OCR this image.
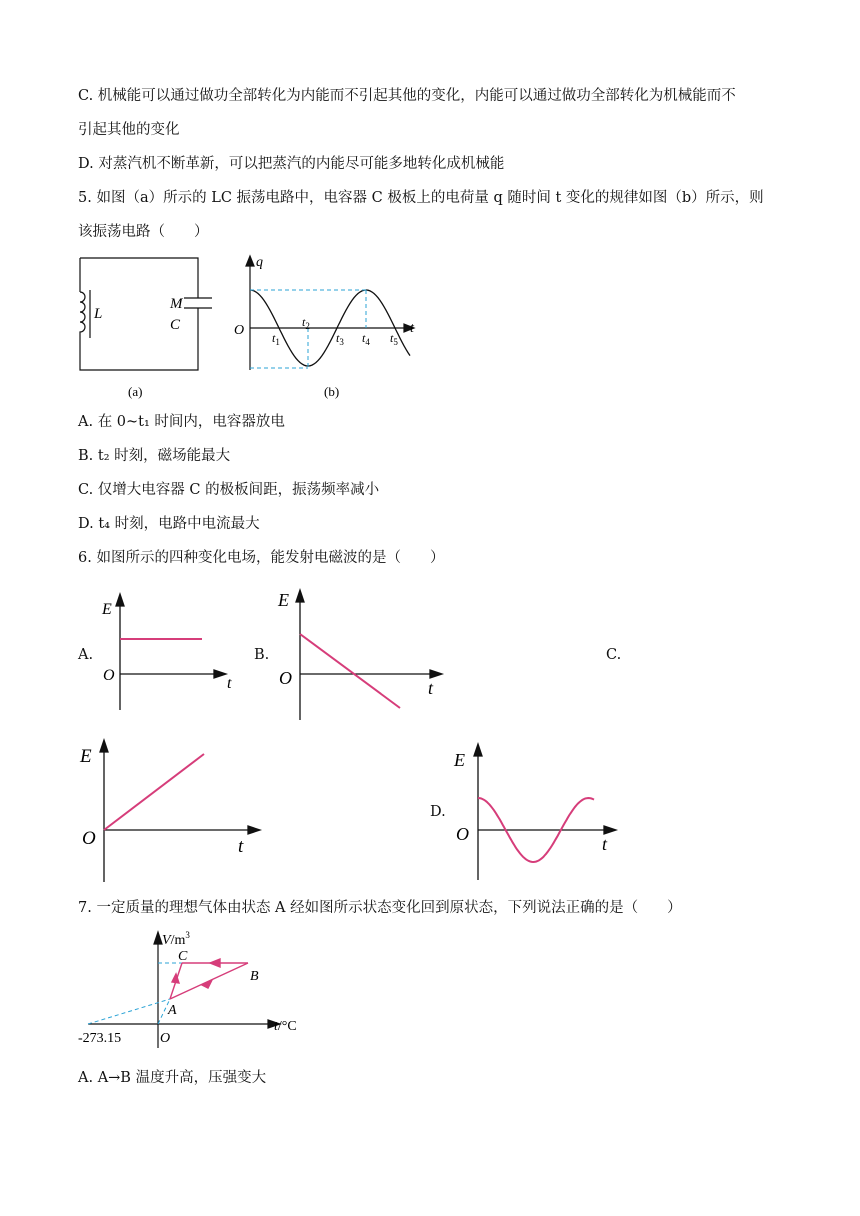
C. 机械能可以通过做功全部转化为内能而不引起其他的变化，内能可以通过做功全部转化为机械能而不
引起其他的变化
D. 对蒸汽机不断革新，可以把蒸汽的内能尽可能多地转化成机械能
5. 如图（a）所示的 LC 振荡电路中，电容器 C 极板上的电荷量 q 随时间 t 变化的规律如图（b）所示，则
该振荡电路（　　）
L
M
C
(a)
q
t
O $t_1$
$t_2$
$t_3$ $t_4$ $t_5$
(b)
A. 在 0~t₁ 时间内，电容器放电
B. t₂ 时刻，磁场能最大
C. 仅增大电容器 C 的极板间距，振荡频率减小
D. t₄ 时刻，电路中电流最大
6. 如图所示的四种变化电场，能发射电磁波的是（　　）
A.	B.	C.
D.
E
O	t
E
O	t
E
O	t
E
O	t
7. 一定质量的理想气体由状态 A 经如图所示状态变化回到原状态，下列说法正确的是（　　）
$V/m^3$
C
B
A
t/°C
O
-273.15
A. A→B 温度升高，压强变大
